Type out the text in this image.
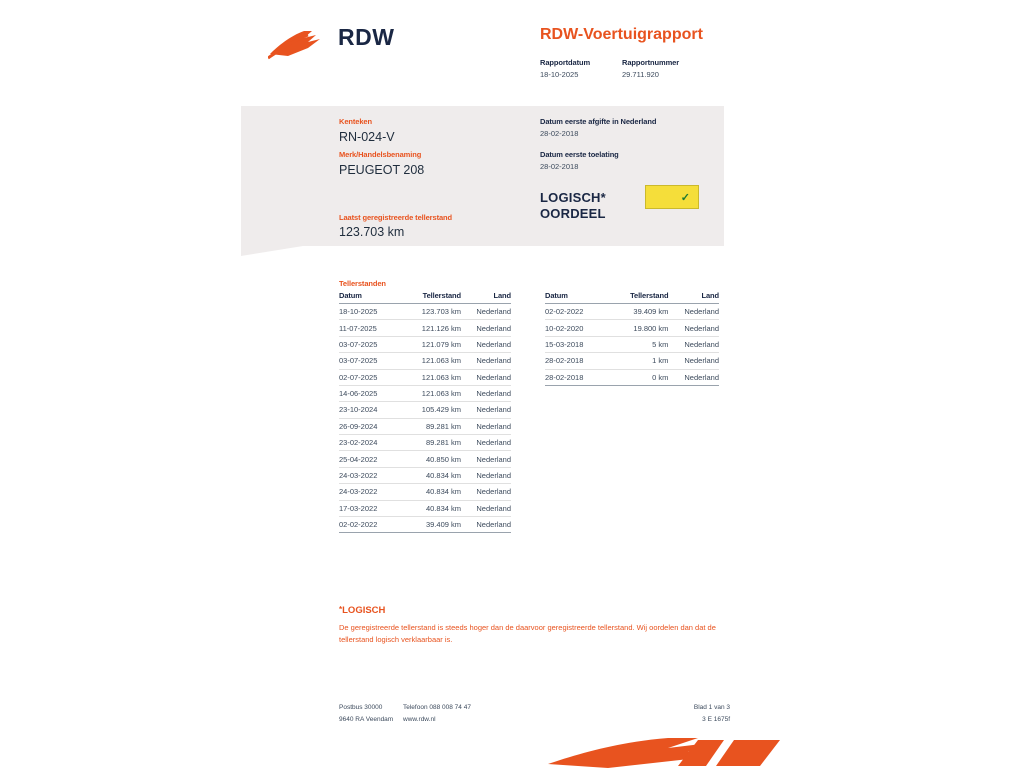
RDW	RDW-Voertuigrapport
Rapportdatum
18-10-2025
Rapportnummer
29.711.920
Kenteken
RN-024-V
Merk/Handelsbenaming
PEUGEOT 208
Laatst geregistreerde tellerstand
123.703 km
Datum eerste afgifte in Nederland
28-02-2018
Datum eerste toelating
28-02-2018
LOGISCH*
OORDEEL
NAP ✓
Tellerstanden
Datum	Tellerstand	Land
18-10-2025	123.703 km	Nederland
11-07-2025	121.126 km	Nederland
03-07-2025	121.079 km	Nederland
03-07-2025	121.063 km	Nederland
02-07-2025	121.063 km	Nederland
14-06-2025	121.063 km	Nederland
23-10-2024	105.429 km	Nederland
26-09-2024	89.281 km	Nederland
23-02-2024	89.281 km	Nederland
25-04-2022	40.850 km	Nederland
24-03-2022	40.834 km	Nederland
24-03-2022	40.834 km	Nederland
17-03-2022	40.834 km	Nederland
02-02-2022	39.409 km	Nederland
Datum	Tellerstand	Land
02-02-2022	39.409 km	Nederland
10-02-2020	19.800 km	Nederland
15-03-2018	5 km	Nederland
28-02-2018	1 km	Nederland
28-02-2018	0 km	Nederland
*LOGISCH
De geregistreerde tellerstand is steeds hoger dan de daarvoor geregistreerde tellerstand. Wij oordelen dan dat de tellerstand logisch verklaarbaar is.
Postbus 30000	Telefoon 088 008 74 47
9640 RA Veendam	www.rdw.nl
Blad 1 van 3
3 E 1675f
